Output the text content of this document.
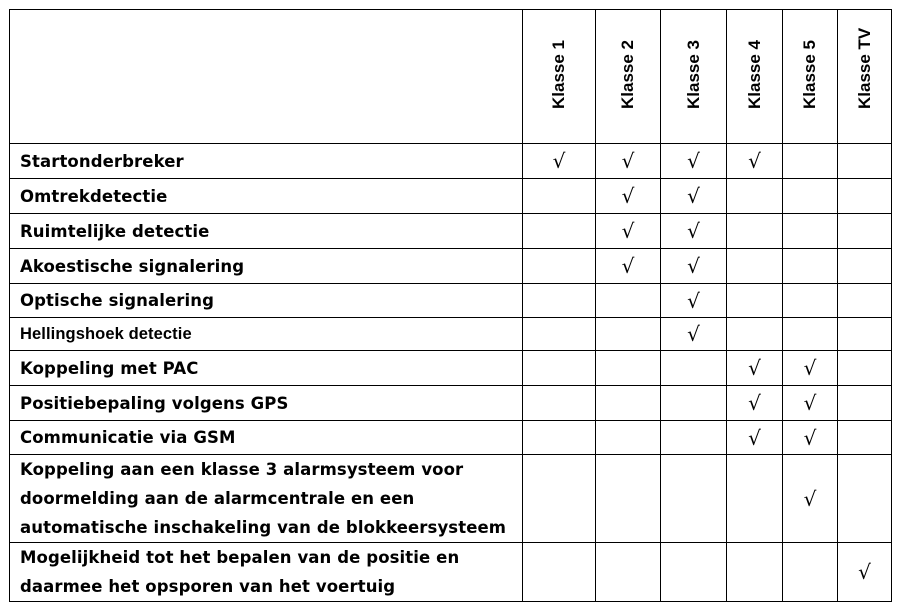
	Klasse 1	Klasse 2	Klasse 3	Klasse 4	Klasse 5	Klasse TV

Startonderbreker	√	√	√	√		
Omtrekdetectie		√	√			
Ruimtelijke detectie		√	√			
Akoestische signalering		√	√			
Optische signalering			√			
Hellingshoek detectie			√			
Koppeling met PAC				√	√	
Positiebepaling volgens GPS				√	√	
Communicatie via GSM				√	√	
Koppeling aan een klasse 3 alarmsysteem voor doormelding aan de alarmcentrale en een automatische inschakeling van de blokkeersysteem					√	
Mogelijkheid tot het bepalen van de positie en daarmee het opsporen van het voertuig						√
